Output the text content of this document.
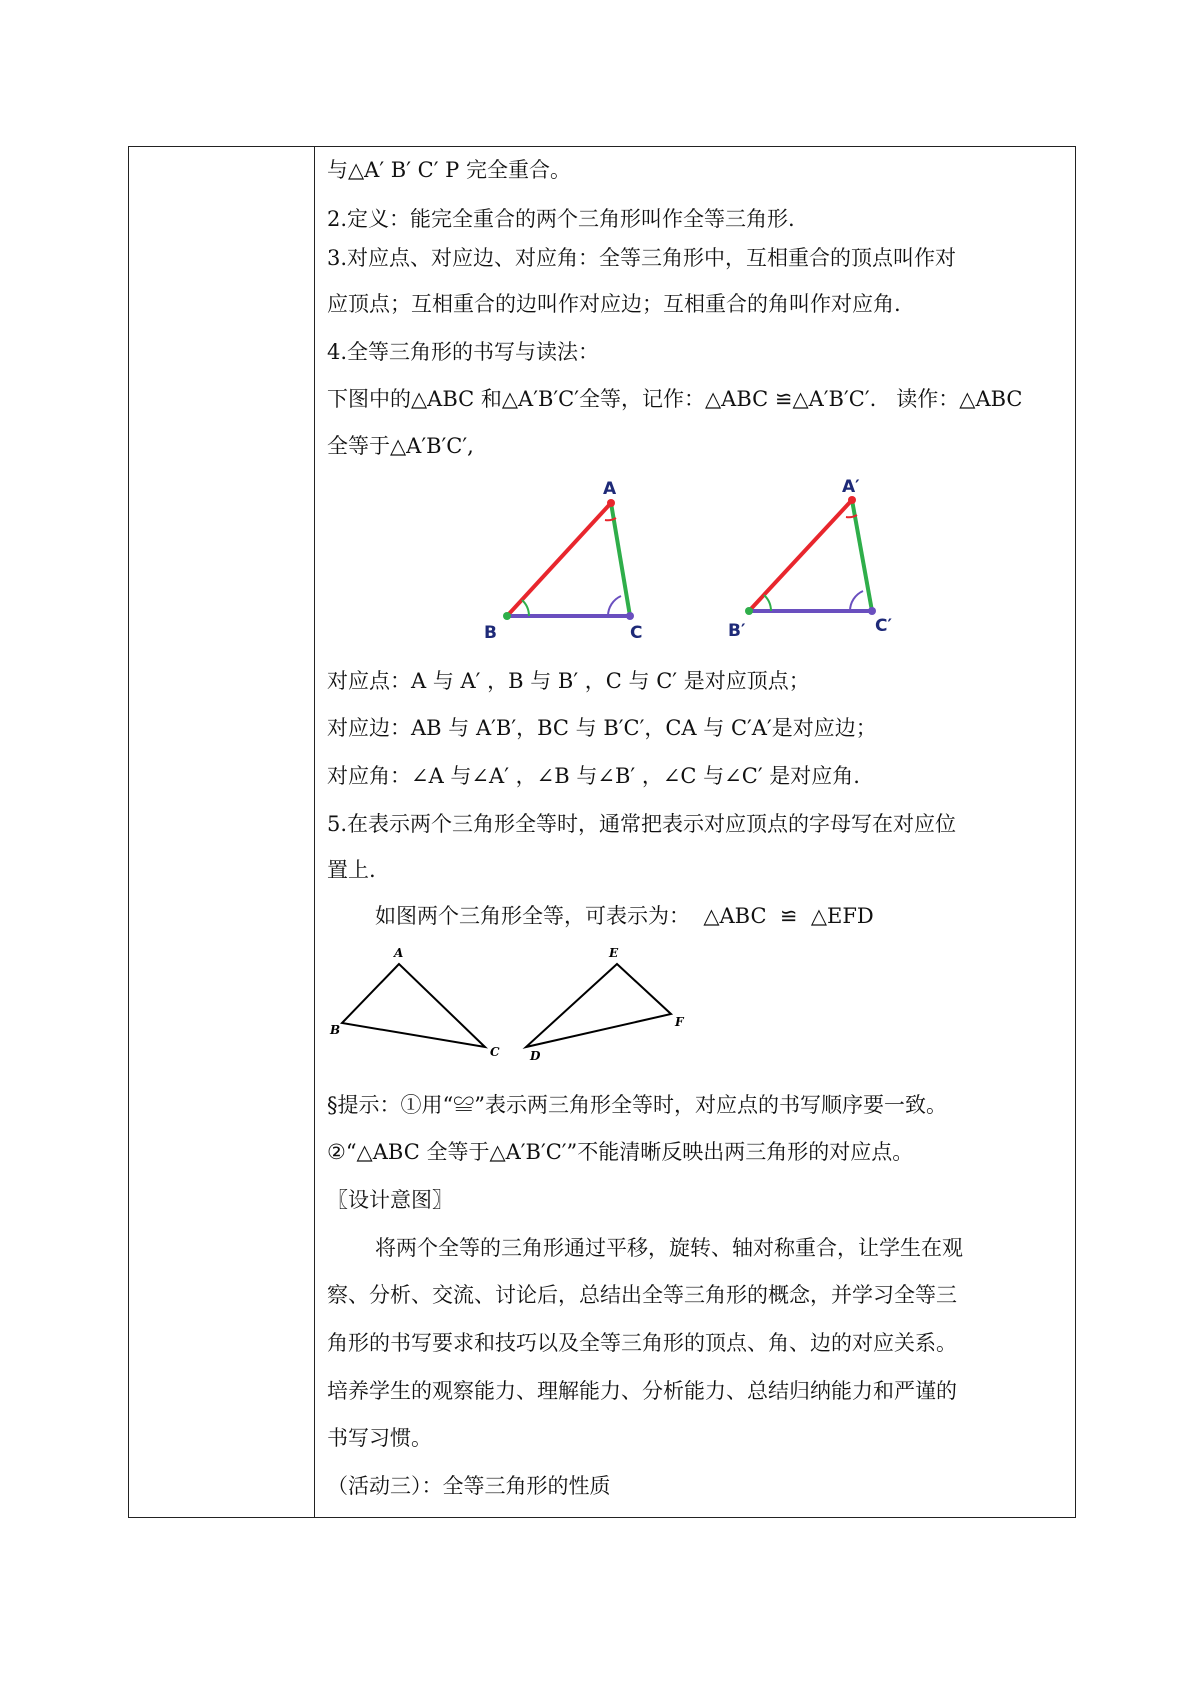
与△A′ B′ C′ P 完全重合。
2.定义：能完全重合的两个三角形叫作全等三角形.
3.对应点、对应边、对应角：全等三角形中，互相重合的顶点叫作对
应顶点；互相重合的边叫作对应边；互相重合的角叫作对应角.
4.全等三角形的书写与读法：
下图中的△ABC 和△A′B′C′全等，记作：△ABC ≌△A′B′C′.   读作：△ABC
全等于△A′B′C′,
A
B	C
A′
B′	C′
对应点：A 与 A′ ，B 与 B′ ，C 与 C′ 是对应顶点；
对应边：AB 与 A′B′，BC 与 B′C′，CA 与 C′A′是对应边；
对应角：∠A 与∠A′ ，∠B 与∠B′ ，∠C 与∠C′ 是对应角.
5.在表示两个三角形全等时，通常把表示对应顶点的字母写在对应位
置上.
如图两个三角形全等，可表示为：  △ABC  ≌  △EFD
A
B
C
E
F
D
§提示：①用“≌”表示两三角形全等时，对应点的书写顺序要一致。
②“△ABC 全等于△A′B′C′”不能清晰反映出两三角形的对应点。
〖设计意图〗
将两个全等的三角形通过平移，旋转、轴对称重合，让学生在观
察、分析、交流、讨论后，总结出全等三角形的概念，并学习全等三
角形的书写要求和技巧以及全等三角形的顶点、角、边的对应关系。
培养学生的观察能力、理解能力、分析能力、总结归纳能力和严谨的
书写习惯。
（活动三）：全等三角形的性质
